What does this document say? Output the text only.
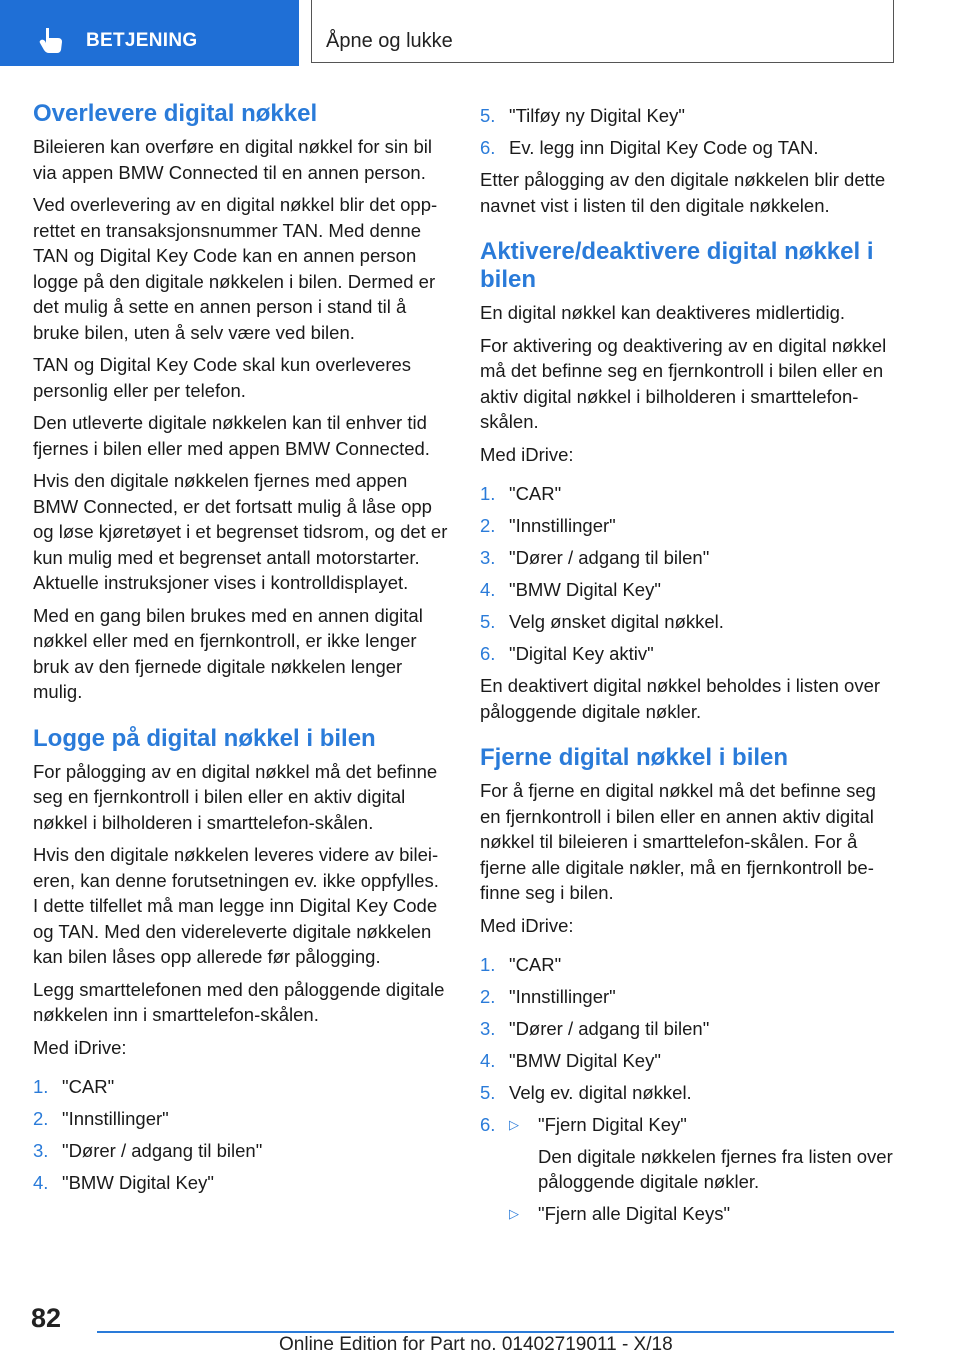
BETJENING	Åpne og lukke
Overlevere digital nøkkel

Bileieren kan overføre en digital nøkkel for sin bil via appen BMW Connected til en annen person.

Ved overlevering av en digital nøkkel blir det opprettet en transaksjonsnummer TAN. Med denne TAN og Digital Key Code kan en annen person logge på den digitale nøkkelen i bilen. Dermed er det mulig å sette en annen person i stand til å bruke bilen, uten å selv være ved bilen.

TAN og Digital Key Code skal kun overleveres personlig eller per telefon.

Den utleverte digitale nøkkelen kan til enhver tid fjernes i bilen eller med appen BMW Connected.

Hvis den digitale nøkkelen fjernes med appen BMW Connected, er det fortsatt mulig å låse opp og løse kjøretøyet i et begrenset tidsrom, og det er kun mulig med et begrenset antall motorstarter. Aktuelle instruksjoner vises i kontrolldisplayet.

Med en gang bilen brukes med en annen digital nøkkel eller med en fjernkontroll, er ikke lenger bruk av den fjernede digitale nøkkelen lenger mulig.

Logge på digital nøkkel i bilen

For pålogging av en digital nøkkel må det befinne seg en fjernkontroll i bilen eller en aktiv digital nøkkel i bilholderen i smarttelefon-skålen.

Hvis den digitale nøkkelen leveres videre av bileieren, kan denne forutsetningen ev. ikke oppfylles. I dette tilfellet må man legge inn Digital Key Code og TAN. Med den videreleverte digitale nøkkelen kan bilen låses opp allerede før pålogging.

Legg smarttelefonen med den påloggende digitale nøkkelen inn i smarttelefon-skålen.

Med iDrive:

1. "CAR"
2. "Innstillinger"
3. "Dører / adgang til bilen"
4. "BMW Digital Key"
5. "Tilføy ny Digital Key"
6. Ev. legg inn Digital Key Code og TAN.

Etter pålogging av den digitale nøkkelen blir dette navnet vist i listen til den digitale nøkkelen.

Aktivere/deaktivere digital nøkkel i bilen

En digital nøkkel kan deaktiveres midlertidig.

For aktivering og deaktivering av en digital nøkkel må det befinne seg en fjernkontroll i bilen eller en aktiv digital nøkkel i bilholderen i smarttelefon-skålen.

Med iDrive:

1. "CAR"
2. "Innstillinger"
3. "Dører / adgang til bilen"
4. "BMW Digital Key"
5. Velg ønsket digital nøkkel.
6. "Digital Key aktiv"

En deaktivert digital nøkkel beholdes i listen over påloggende digitale nøkler.

Fjerne digital nøkkel i bilen

For å fjerne en digital nøkkel må det befinne seg en fjernkontroll i bilen eller en annen aktiv digital nøkkel til bileieren i smarttelefon-skålen. For å fjerne alle digitale nøkler, må en fjernkontroll befinne seg i bilen.

Med iDrive:

1. "CAR"
2. "Innstillinger"
3. "Dører / adgang til bilen"
4. "BMW Digital Key"
5. Velg ev. digital nøkkel.
6. ▷ "Fjern Digital Key"
Den digitale nøkkelen fjernes fra listen over påloggende digitale nøkler.
▷ "Fjern alle Digital Keys"
82
Online Edition for Part no. 01402719011 - X/18
